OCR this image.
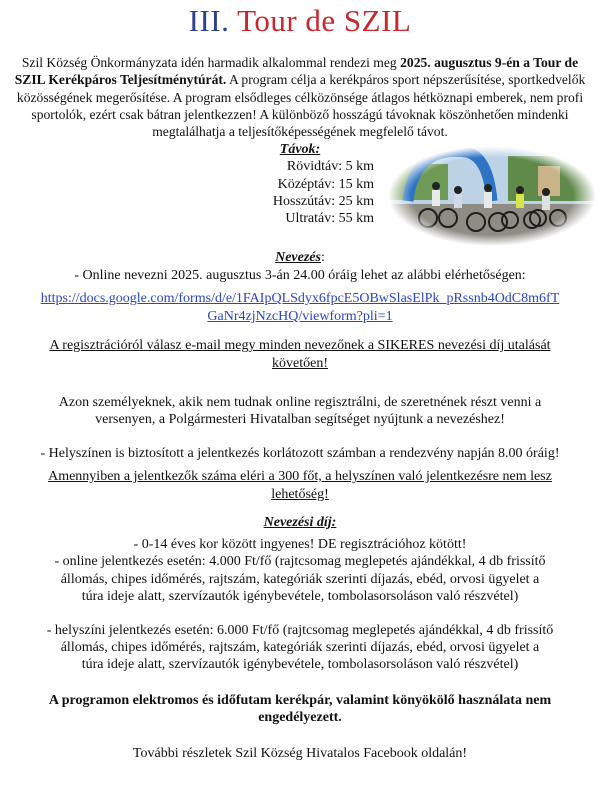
III. Tour de SZIL

Szil Község Önkormányzata idén harmadik alkalommal rendezi meg 2025. augusztus 9-én a Tour de SZIL Kerékpáros Teljesítménytúrát. A program célja a kerékpáros sport népszerűsítése, sportkedvelők közösségének megerősítése. A program elsődleges célközönsége átlagos hétköznapi emberek, nem profi sportolók, ezért csak bátran jelentkezzen! A különböző hosszágú távoknak köszönhetően mindenki megtalálhatja a teljesítőképességének megfelelő távot.

Távok:
Rövidtáv: 5 km
Középtáv: 15 km
Hosszútáv: 25 km
Ultratáv: 55 km
Nevezés:

- Online nevezni 2025. augusztus 3-án 24.00 óráig lehet az alábbi elérhetőségen:

https://docs.google.com/forms/d/e/1FAIpQLSdyx6fpcE5OBwSlasElPk_pRssnb4OdC8m6fT
GaNr4zjNzcHQ/viewform?pli=1
A regisztrációról válasz e-mail megy minden nevezőnek a SIKERES nevezési díj utalását
követően!
Azon személyeknek, akik nem tudnak online regisztrálni, de szeretnének részt venni a
versenyen, a Polgármesteri Hivatalban segítséget nyújtunk a nevezéshez!

- Helyszínen is biztosított a jelentkezés korlátozott számban a rendezvény napján 8.00 óráig!

Amennyiben a jelentkezők száma eléri a 300 főt, a helyszínen való jelentkezésre nem lesz
lehetőség!
Nevezési díj:
- 0-14 éves kor között ingyenes! DE regisztrációhoz kötött!
- online jelentkezés esetén: 4.000 Ft/fő (rajtcsomag meglepetés ajándékkal, 4 db frissítő
állomás, chipes időmérés, rajtszám, kategóriák szerinti díjazás, ebéd, orvosi ügyelet a
túra ideje alatt, szervízautók igénybevétele, tombolasorsoláson való részvétel)
- helyszíni jelentkezés esetén: 6.000 Ft/fő (rajtcsomag meglepetés ajándékkal, 4 db frissítő
állomás, chipes időmérés, rajtszám, kategóriák szerinti díjazás, ebéd, orvosi ügyelet a
túra ideje alatt, szervízautók igénybevétele, tombolasorsoláson való részvétel)
A programon elektromos és időfutam kerékpár, valamint könyökölő használata nem
engedélyezett.

További részletek Szil Község Hivatalos Facebook oldalán!
